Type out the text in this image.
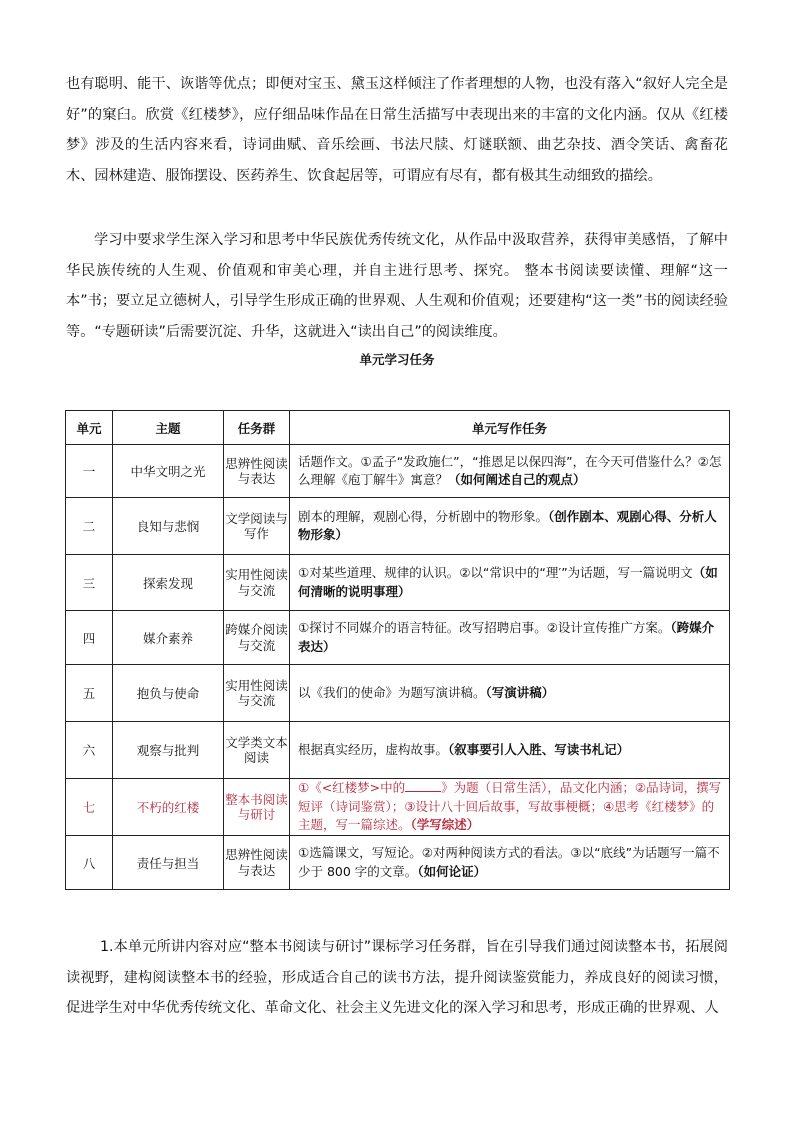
也有聪明、能干、诙谐等优点；即便对宝玉、黛玉这样倾注了作者理想的人物，也没有落入“叙好人完全是好”的窠臼。欣赏《红楼梦》，应仔细品味作品在日常生活描写中表现出来的丰富的文化内涵。仅从《红楼梦》涉及的生活内容来看，诗词曲赋、音乐绘画、书法尺牍、灯谜联额、曲艺杂技、酒令笑话、禽畜花木、园林建造、服饰摆设、医药养生、饮食起居等，可谓应有尽有，都有极其生动细致的描绘。

学习中要求学生深入学习和思考中华民族优秀传统文化，从作品中汲取营养，获得审美感悟，了解中华民族传统的人生观、价值观和审美心理，并自主进行思考、探究。 整本书阅读要读懂、理解“这一本”书；要立足立德树人，引导学生形成正确的世界观、人生观和价值观；还要建构“这一类”书的阅读经验等。“专题研读”后需要沉淀、升华，这就进入“读出自己”的阅读维度。

单元学习任务

单元	主题	任务群	单元写作任务
一	中华文明之光	思辨性阅读与表达	话题作文。①孟子“发政施仁”，“推恩足以保四海”，在今天可借鉴什么？②怎么理解《庖丁解牛》寓意？（如何阐述自己的观点）
二	良知与悲悯	文学阅读与写作	剧本的理解，观剧心得，分析剧中的物形象。（创作剧本、观剧心得、分析人物形象）
三	探索发现	实用性阅读与交流	①对某些道理、规律的认识。②以“常识中的“理′”为话题，写一篇说明文（如何清晰的说明事理）
四	媒介素养	跨媒介阅读与交流	①探讨不同媒介的语言特征。改写招聘启事。②设计宣传推广方案。（跨媒介表达）
五	抱负与使命	实用性阅读与交流	以《我们的使命》为题写演讲稿。（写演讲稿）
六	观察与批判	文学类文本阅读	根据真实经历，虚构故事。（叙事要引人入胜、写读书札记）
七	不朽的红楼	整本书阅读与研讨	①《<红楼梦>中的 》为题（日常生活），品文化内涵；②品诗词，撰写短评（诗词鉴赏）；③设计八十回后故事，写故事梗概；④思考《红楼梦》的主题，写一篇综述。（学写综述）
八	责任与担当	思辨性阅读与表达	①选篇课文，写短论。②对两种阅读方式的看法。③以“底线”为话题写一篇不少于 800 字的文章。（如何论证）

1.本单元所讲内容对应“整本书阅读与研讨”课标学习任务群，旨在引导我们通过阅读整本书，拓展阅读视野，建构阅读整本书的经验，形成适合自己的读书方法，提升阅读鉴赏能力，养成良好的阅读习惯，促进学生对中华优秀传统文化、革命文化、社会主义先进文化的深入学习和思考，形成正确的世界观、人
